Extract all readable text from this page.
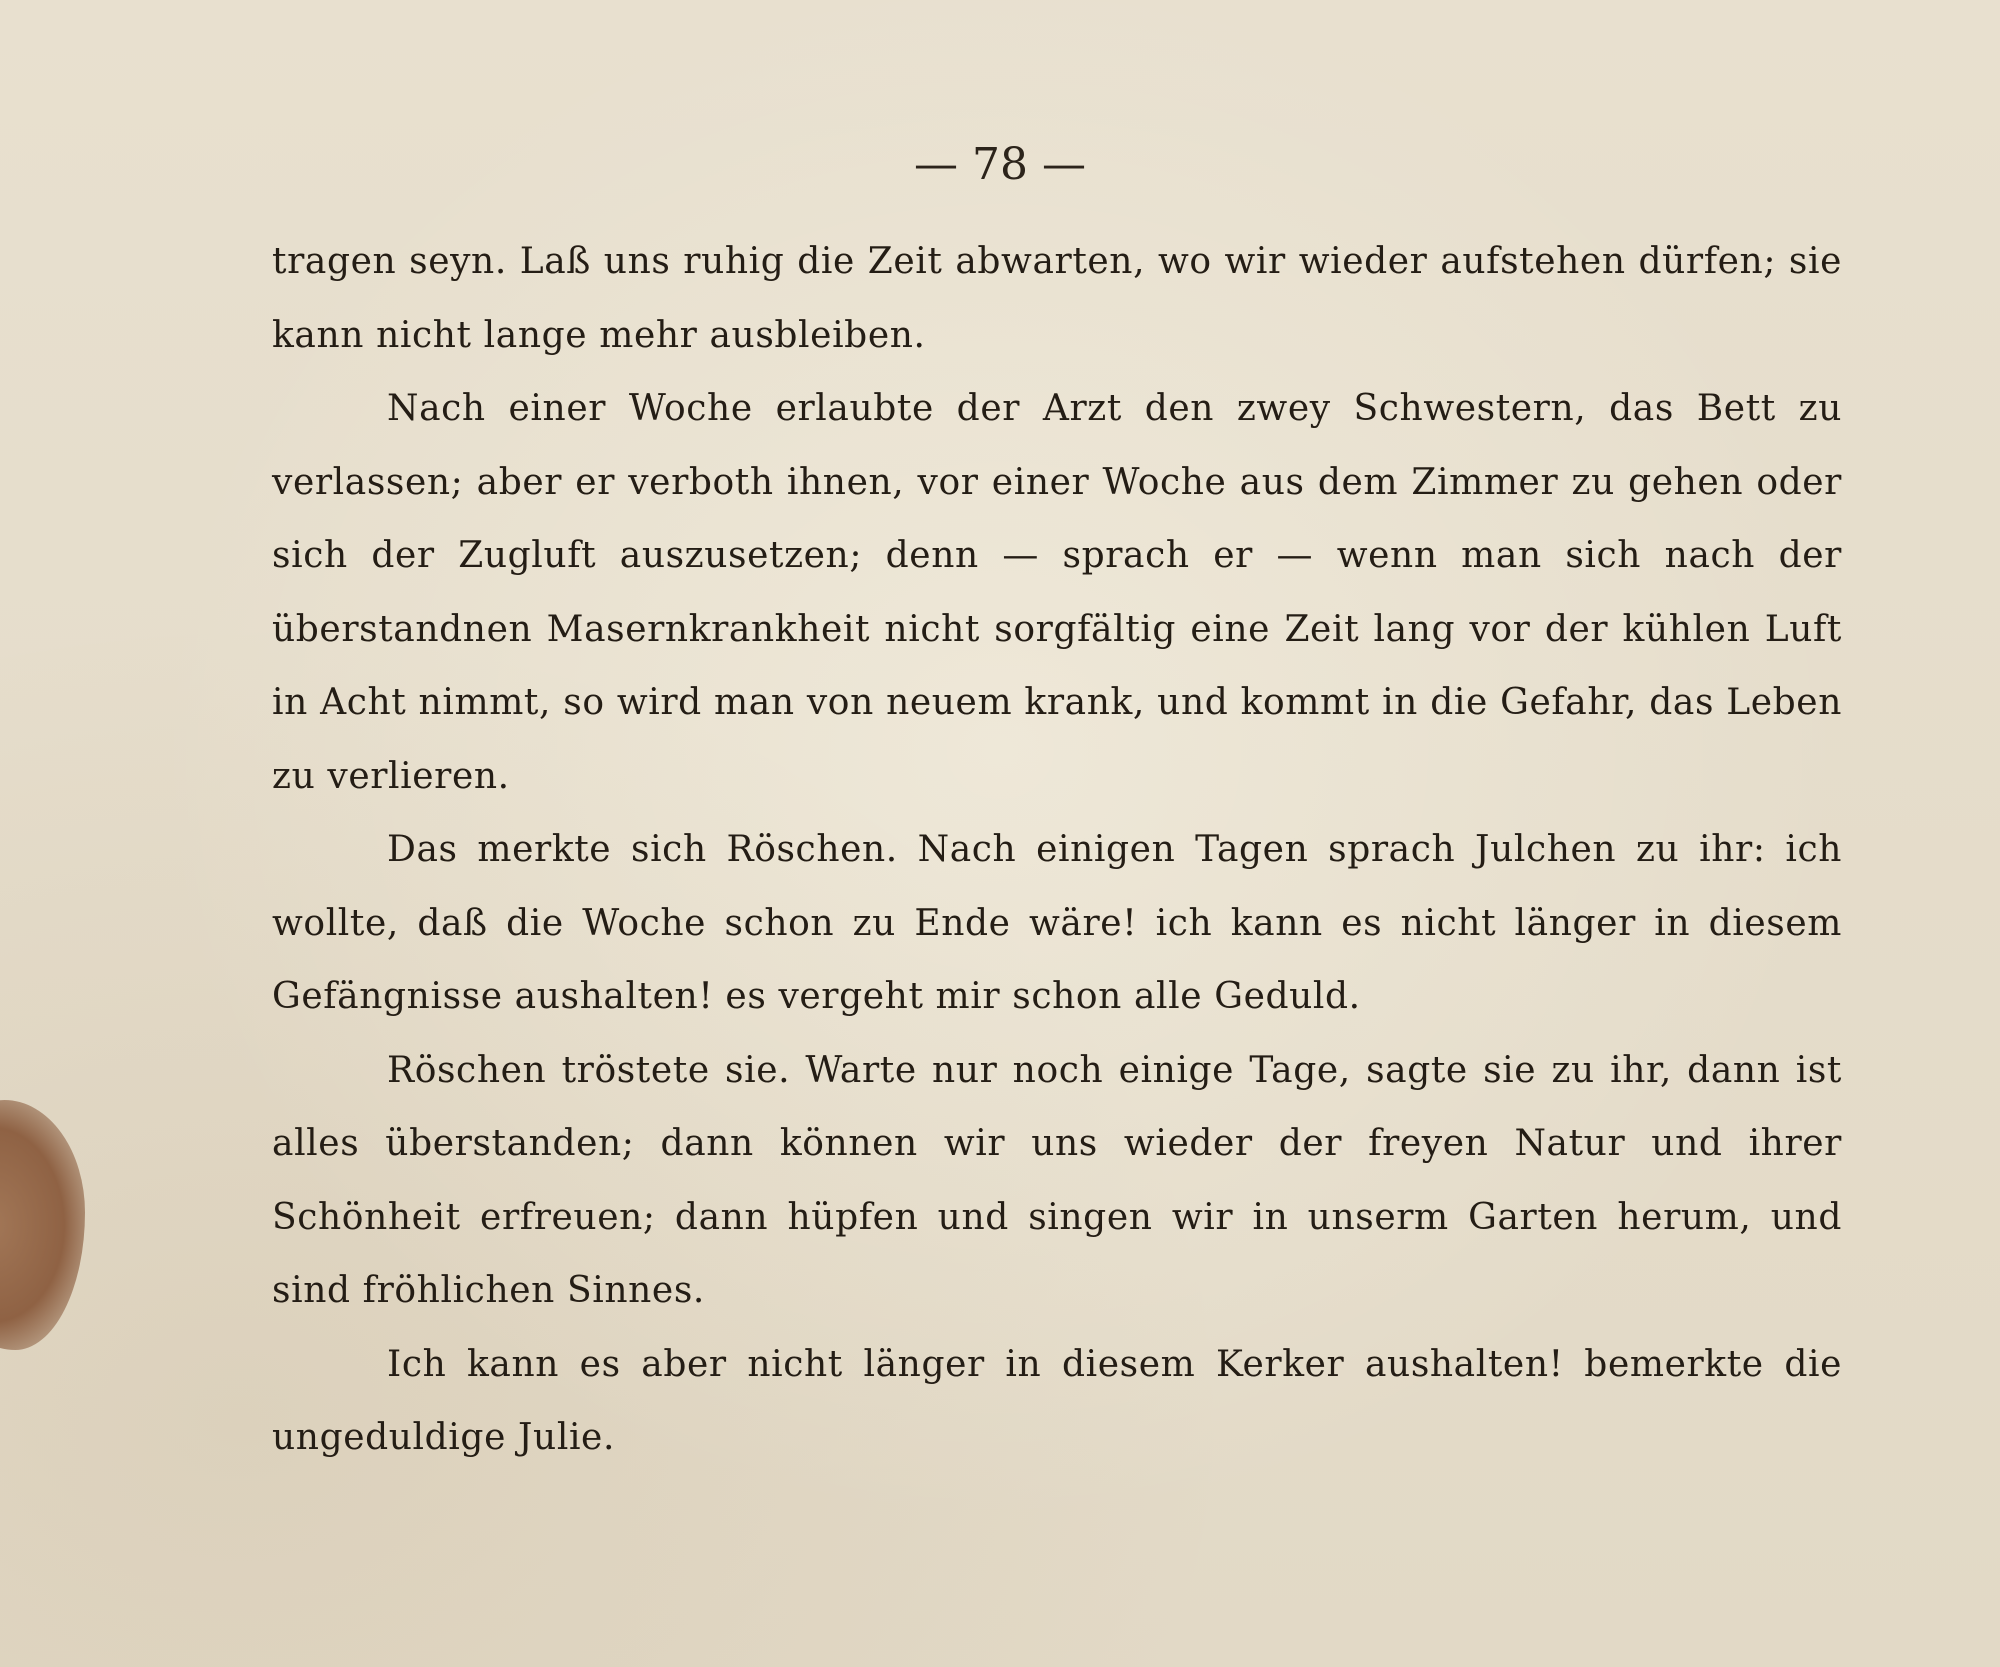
— 78 —

tragen seyn. Laß uns ruhig die Zeit abwarten, wo wir wieder aufstehen dürfen; sie kann nicht lange mehr ausbleiben.

Nach einer Woche erlaubte der Arzt den zwey Schwestern, das Bett zu verlassen; aber er verboth ihnen, vor einer Woche aus dem Zimmer zu gehen oder sich der Zugluft auszusetzen; denn — sprach er — wenn man sich nach der überstandnen Masernkrankheit nicht sorgfältig eine Zeit lang vor der kühlen Luft in Acht nimmt, so wird man von neuem krank, und kommt in die Gefahr, das Leben zu verlieren.

Das merkte sich Röschen. Nach einigen Tagen sprach Julchen zu ihr: ich wollte, daß die Woche schon zu Ende wäre! ich kann es nicht länger in diesem Gefängnisse aushalten! es vergeht mir schon alle Geduld.

Röschen tröstete sie. Warte nur noch einige Tage, sagte sie zu ihr, dann ist alles überstanden; dann können wir uns wieder der freyen Natur und ihrer Schönheit erfreuen; dann hüpfen und singen wir in unserm Garten herum, und sind fröhlichen Sinnes.

Ich kann es aber nicht länger in diesem Kerker aushalten! bemerkte die ungeduldige Julie.
